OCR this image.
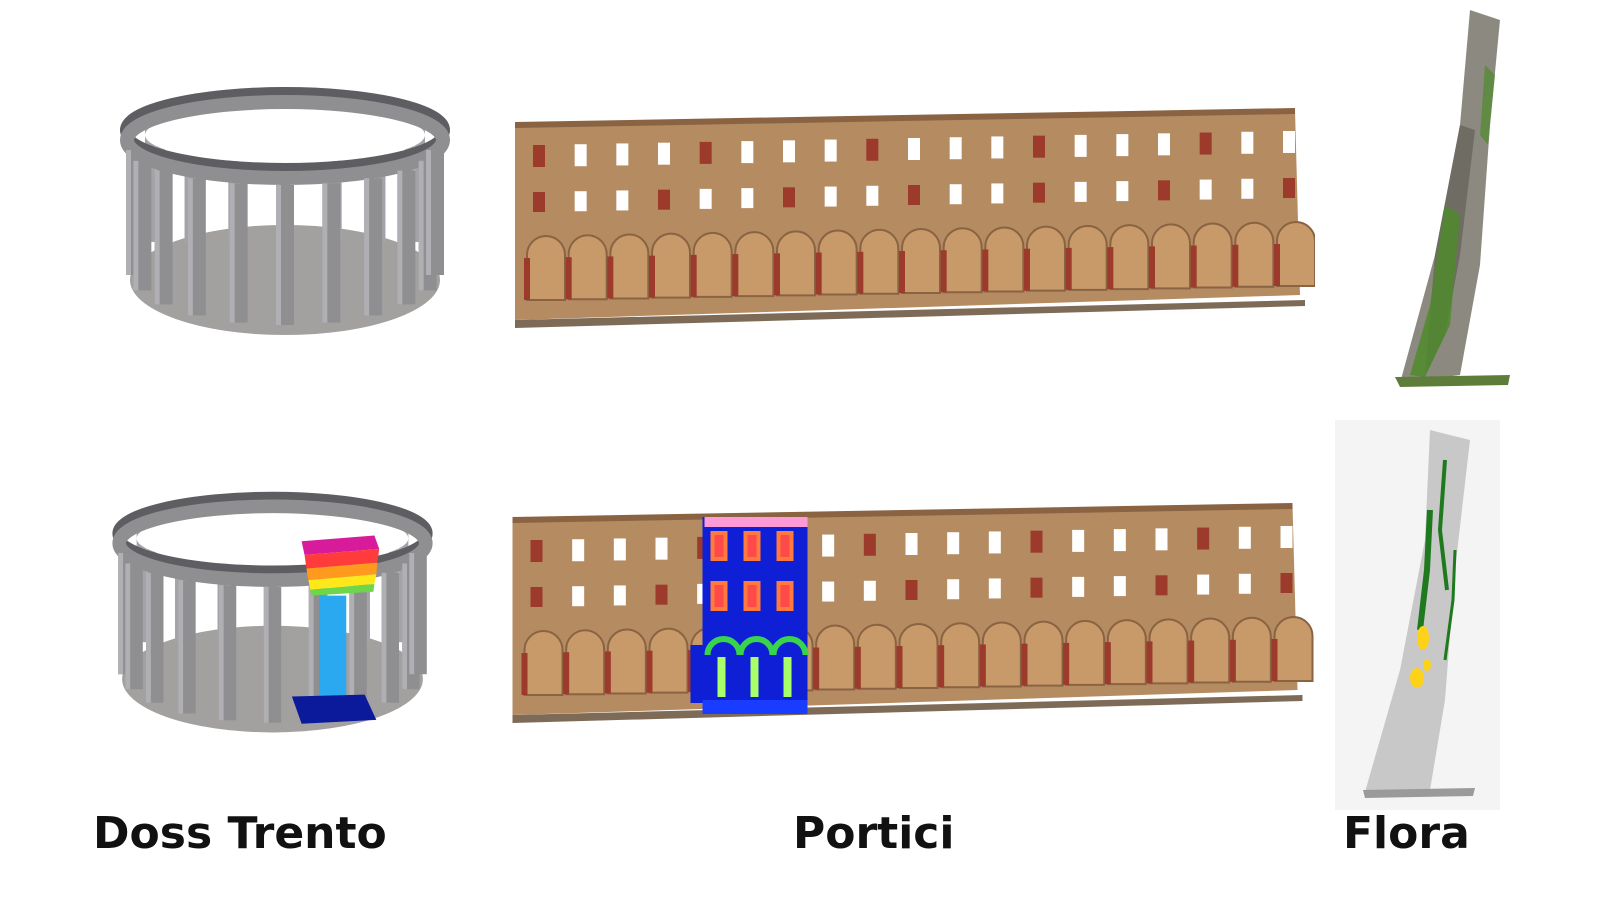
Doss Trento	Portici	Flora
